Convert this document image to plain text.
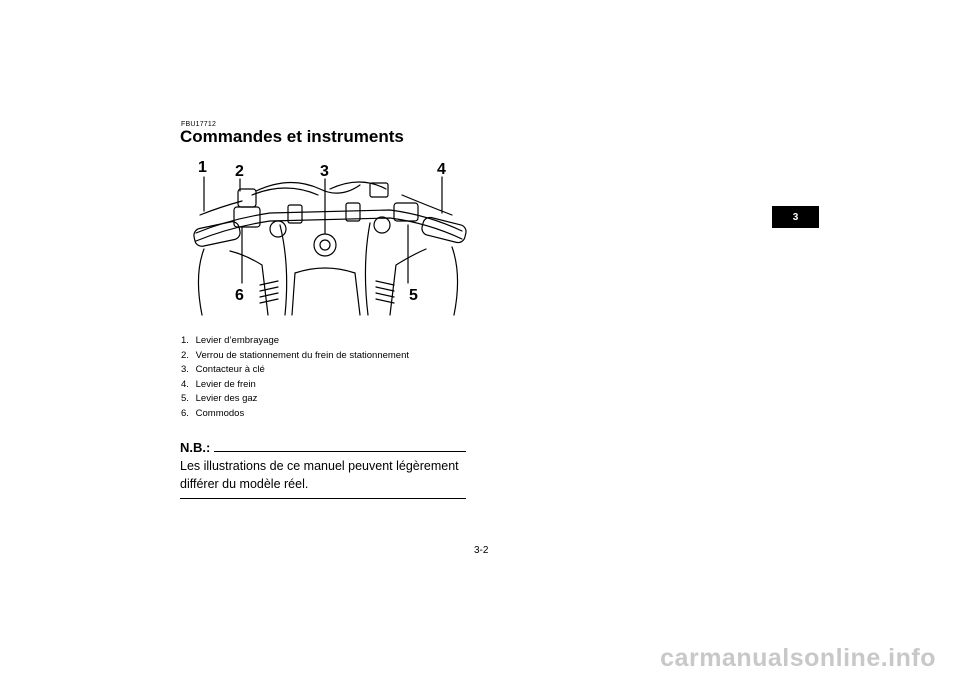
FBU17712
Commandes et instruments
1 2	3	4
5
6
1. Levier d’embrayage
2. Verrou de stationnement du frein de stationnement
3. Contacteur à clé
4. Levier de frein
5. Levier des gaz
6. Commodos
N.B.:
Les illustrations de ce manuel peuvent légèrement différer du modèle réel.
3
3-2
carmanualsonline.info
